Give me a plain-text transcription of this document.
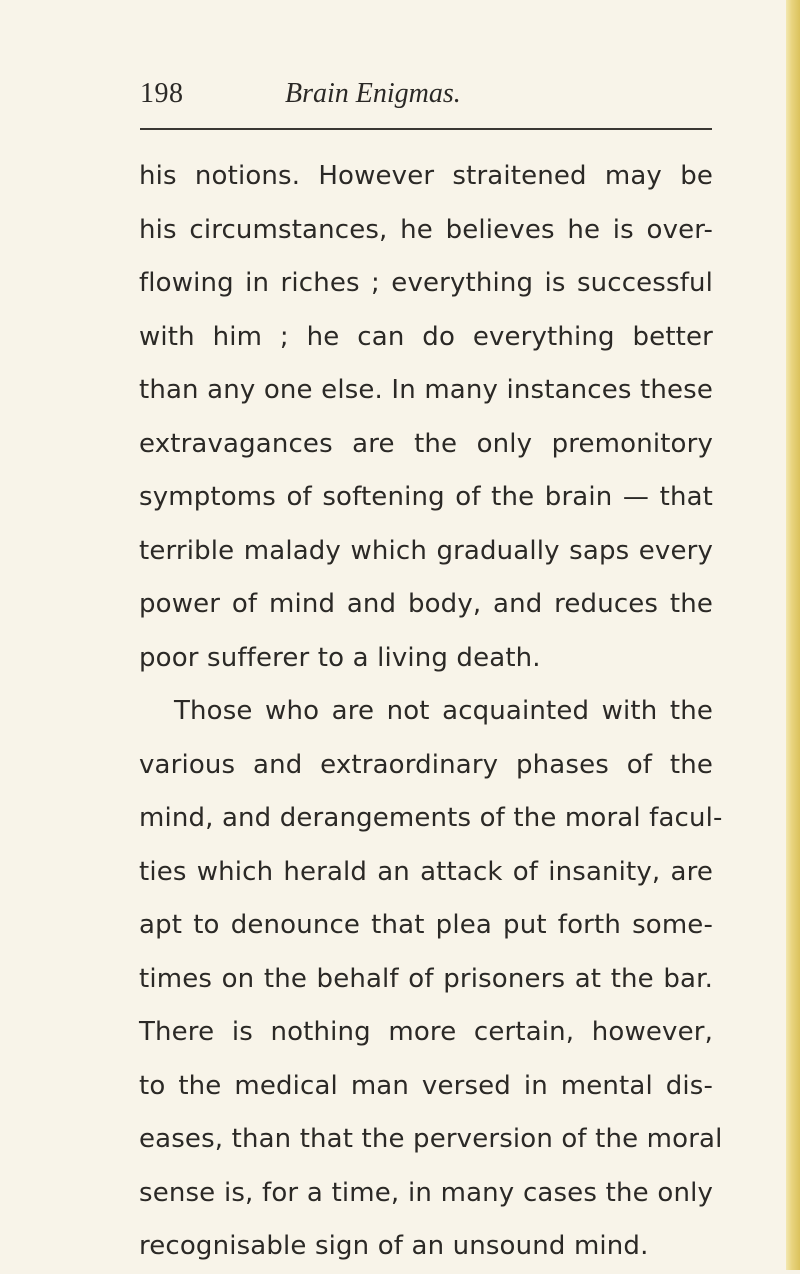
198	Brain Enigmas.
his notions. However straitened may be
his circumstances, he believes he is over-
flowing in riches ; everything is successful
with him ; he can do everything better
than any one else. In many instances these
extravagances are the only premonitory
symptoms of softening of the brain — that
terrible malady which gradually saps every
power of mind and body, and reduces the
poor sufferer to a living death.
Those who are not acquainted with the
various and extraordinary phases of the
mind, and derangements of the moral facul-
ties which herald an attack of insanity, are
apt to denounce that plea put forth some-
times on the behalf of prisoners at the bar.
There is nothing more certain, however,
to the medical man versed in mental dis-
eases, than that the perversion of the moral
sense is, for a time, in many cases the only
recognisable sign of an unsound mind.
